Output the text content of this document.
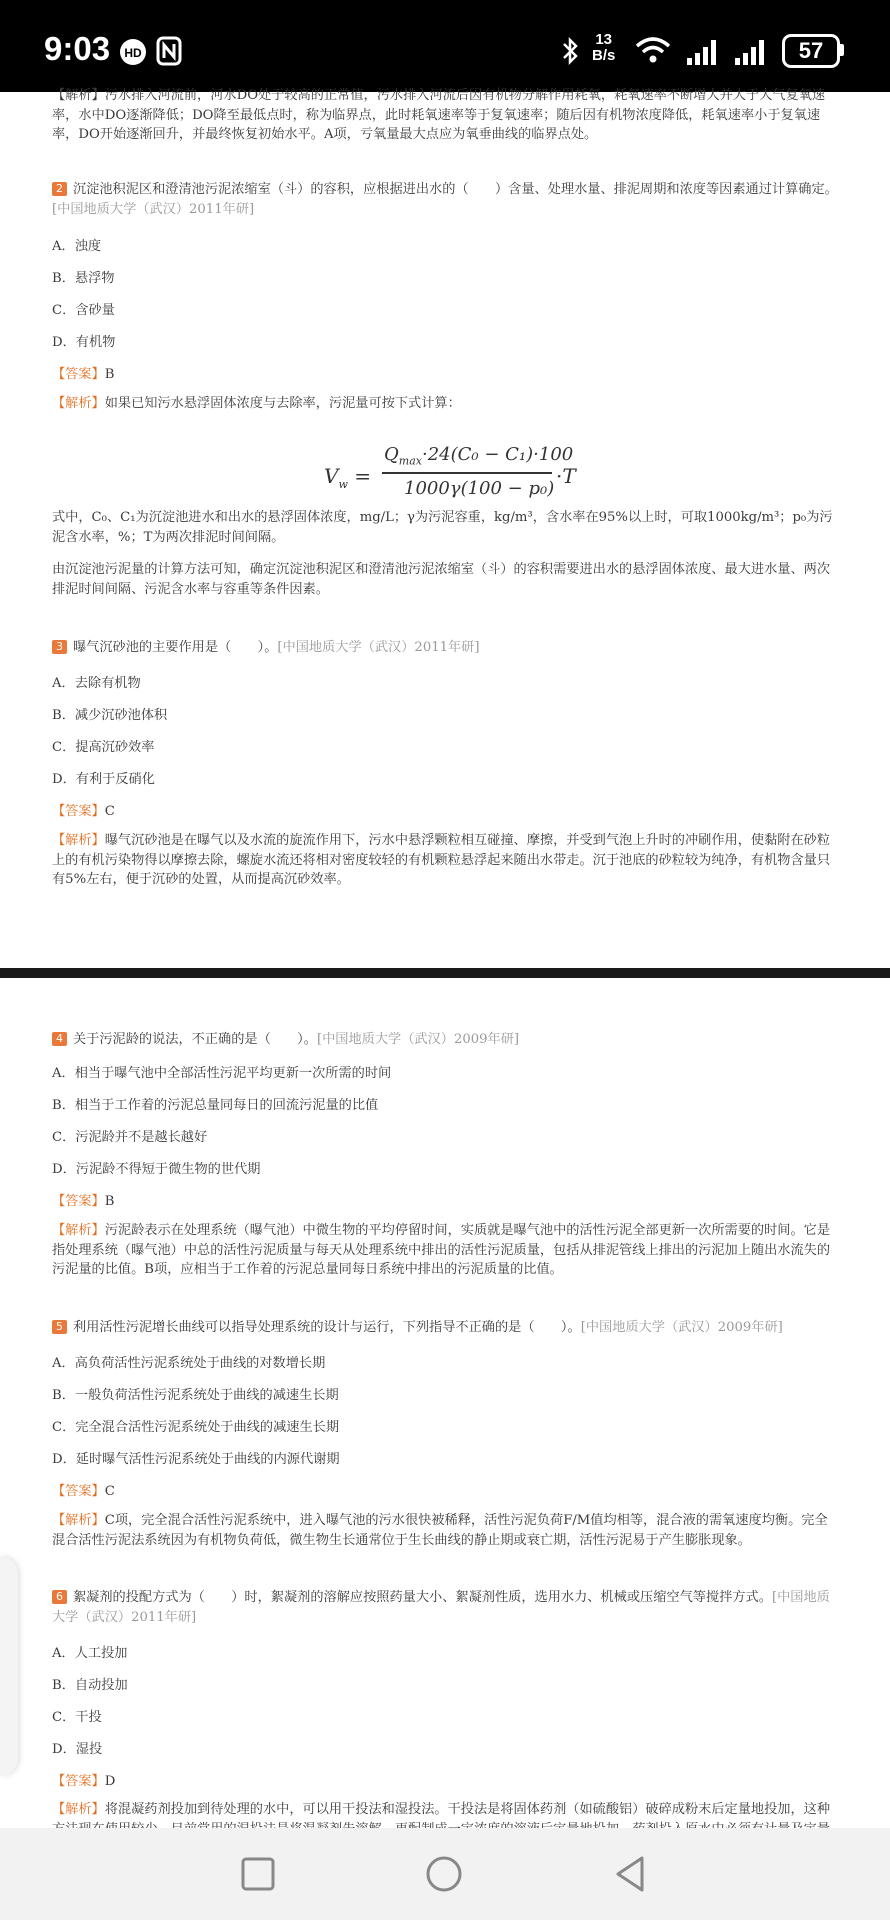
9:03 HD
13
B/s	57
【解析】污水排入河流前，河水DO处于较高的正常值，污水排入河流后因有机物分解作用耗氧，耗氧速率不断增大并大于大气复氧速率，水中DO逐渐降低；DO降至最低点时，称为临界点，此时耗氧速率等于复氧速率；随后因有机物浓度降低，耗氧速率小于复氧速率，DO开始逐渐回升，并最终恢复初始水平。A项，亏氧量最大点应为氧垂曲线的临界点处。
2 沉淀池积泥区和澄清池污泥浓缩室（斗）的容积，应根据进出水的（　　）含量、处理水量、排泥周期和浓度等因素通过计算确定。[中国地质大学（武汉）2011年研]
A．浊度
B．悬浮物
C．含砂量
D．有机物
【答案】B
【解析】如果已知污水悬浮固体浓度与去除率，污泥量可按下式计算：
$V_w$ =
$Q_{max}\cdot 24(C_0 - C_1)\cdot 100$
1000γ(100 − p₀)
·T
式中，C₀、C₁为沉淀池进水和出水的悬浮固体浓度，mg/L；γ为污泥容重，kg/m³，含水率在95%以上时，可取1000kg/m³；p₀为污泥含水率，%；T为两次排泥时间间隔。
由沉淀池污泥量的计算方法可知，确定沉淀池积泥区和澄清池污泥浓缩室（斗）的容积需要进出水的悬浮固体浓度、最大进水量、两次排泥时间间隔、污泥含水率与容重等条件因素。
3 曝气沉砂池的主要作用是（　　）。[中国地质大学（武汉）2011年研]
A．去除有机物
B．减少沉砂池体积
C．提高沉砂效率
D．有利于反硝化
【答案】C
【解析】曝气沉砂池是在曝气以及水流的旋流作用下，污水中悬浮颗粒相互碰撞、摩擦，并受到气泡上升时的冲刷作用，使黏附在砂粒上的有机污染物得以摩擦去除，螺旋水流还将相对密度较轻的有机颗粒悬浮起来随出水带走。沉于池底的砂粒较为纯净，有机物含量只有5%左右，便于沉砂的处置，从而提高沉砂效率。
4 关于污泥龄的说法，不正确的是（　　）。[中国地质大学（武汉）2009年研]
A．相当于曝气池中全部活性污泥平均更新一次所需的时间
B．相当于工作着的污泥总量同每日的回流污泥量的比值
C．污泥龄并不是越长越好
D．污泥龄不得短于微生物的世代期
【答案】B
【解析】污泥龄表示在处理系统（曝气池）中微生物的平均停留时间，实质就是曝气池中的活性污泥全部更新一次所需要的时间。它是指处理系统（曝气池）中总的活性污泥质量与每天从处理系统中排出的活性污泥质量，包括从排泥管线上排出的污泥加上随出水流失的污泥量的比值。B项，应相当于工作着的污泥总量同每日系统中排出的污泥质量的比值。
5 利用活性污泥增长曲线可以指导处理系统的设计与运行，下列指导不正确的是（　　）。[中国地质大学（武汉）2009年研]
A．高负荷活性污泥系统处于曲线的对数增长期
B．一般负荷活性污泥系统处于曲线的减速生长期
C．完全混合活性污泥系统处于曲线的减速生长期
D．延时曝气活性污泥系统处于曲线的内源代谢期
【答案】C
【解析】C项，完全混合活性污泥系统中，进入曝气池的污水很快被稀释，活性污泥负荷F/M值均相等，混合液的需氧速度均衡。完全混合活性污泥法系统因为有机物负荷低，微生物生长通常位于生长曲线的静止期或衰亡期，活性污泥易于产生膨胀现象。
6 絮凝剂的投配方式为（　　）时，絮凝剂的溶解应按照药量大小、絮凝剂性质，选用水力、机械或压缩空气等搅拌方式。[中国地质大学（武汉）2011年研]
A．人工投加
B．自动投加
C．干投
D．湿投
【答案】D
【解析】将混凝药剂投加到待处理的水中，可以用干投法和湿投法。干投法是将固体药剂（如硫酸铝）破碎成粉末后定量地投加，这种
